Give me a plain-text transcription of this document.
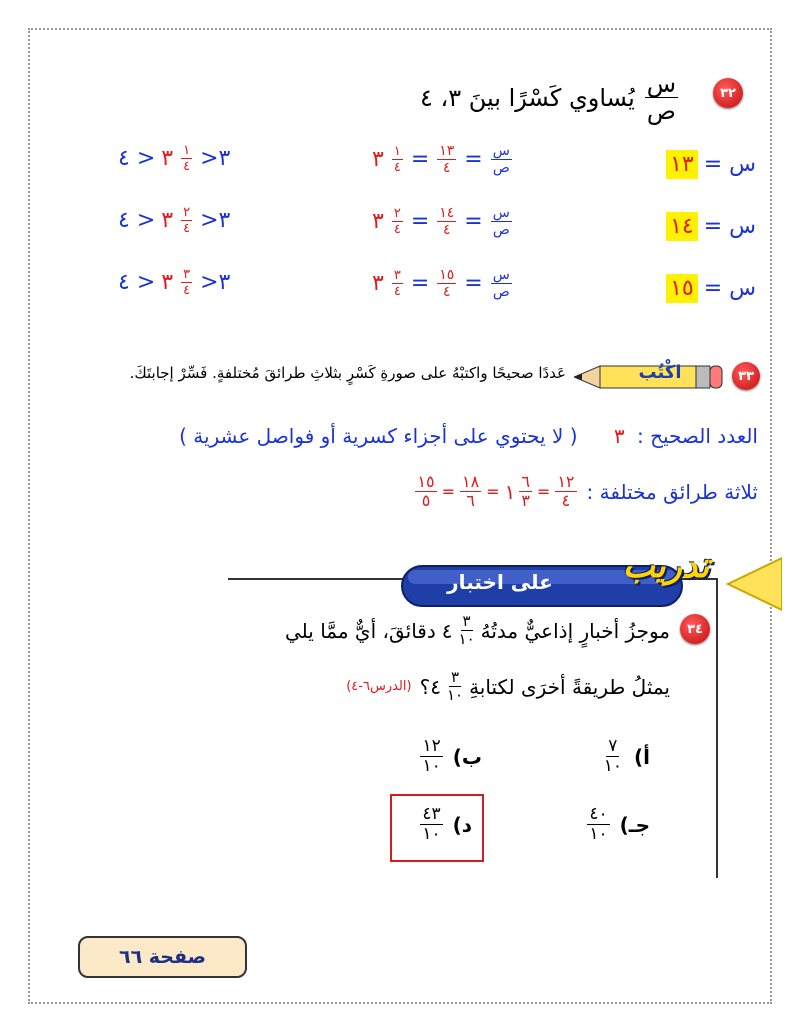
٣٢
$\frac{\text{س}}{\text{ص}}$
يُساوي كَسْرًا بينَ ٣، ٤
س =
١٣
$\frac{\text{س}}{\text{ص}}$
=
$\frac{١٣}{٤}$
=
$\frac{١}{٤}$
٣
٤ > ٣ $\frac{١}{٤}$ >٣
س =
١٤
$\frac{\text{س}}{\text{ص}}$
=
$\frac{١٤}{٤}$
=
$\frac{٢}{٤}$
٣
٤ > ٣ $\frac{٢}{٤}$ >٣
س =
١٥
$\frac{\text{س}}{\text{ص}}$
=
$\frac{١٥}{٤}$
=
$\frac{٣}{٤}$
٣
٤ > ٣ $\frac{٣}{٤}$ >٣
٣٣
اكْتُب
عَددًا صحيحًا واكتبْهُ على صورةِ كَسْرٍ بثلاثِ طرائقَ مُختلفةٍ. فَسِّرْ إجابتَكَ.
العدد الصحيح : ٣ ( لا يحتوي على أجزاء كسرية أو فواصل عشرية )
ثلاثة طرائق مختلفة :
$\frac{١٢}{٤}$
=
$\frac{٦}{٣}$
١
=
$\frac{١٨}{٦}$
=
$\frac{١٥}{٥}$
على اختبار	تدريب
٣٤
موجزُ أخبارٍ إذاعيٌّ مدتُهُ
$\frac{٣}{١٠}$
٤
دقائقَ، أيٌّ ممَّا يلي
يمثلُ طريقةً أخرَى لكتابةِ
$\frac{٣}{١٠}$
٤
؟
(الدرس٦-٤)
أ)
$\frac{٧}{١٠}$
ب)
$\frac{١٢}{١٠}$
جـ)
$\frac{٤٠}{١٠}$
د)
$\frac{٤٣}{١٠}$
صفحة ٦٦
